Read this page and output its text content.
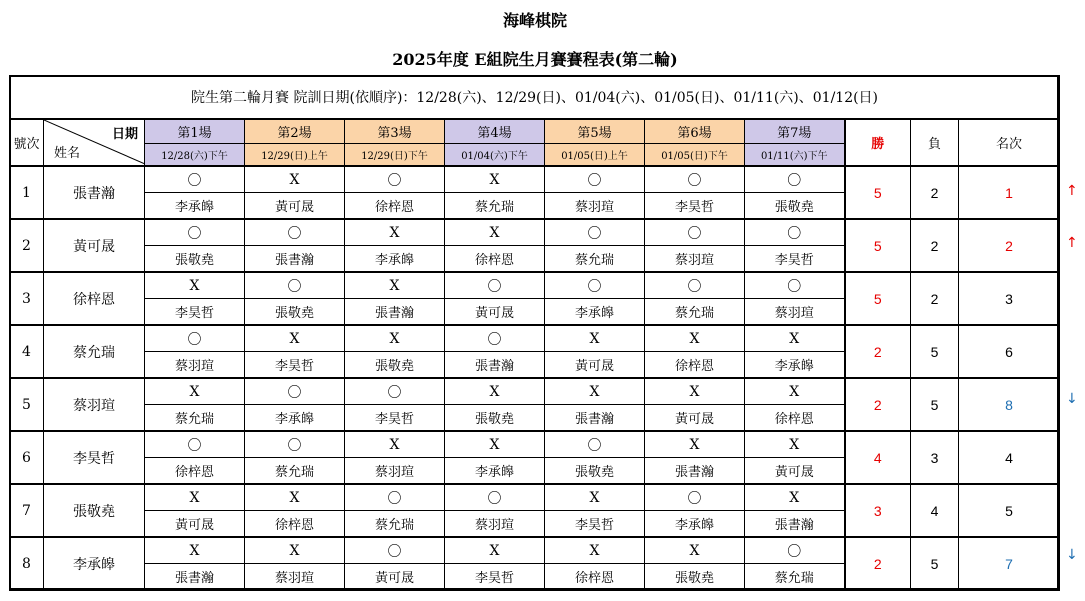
海峰棋院
2025年度 E組院生月賽賽程表(第二輪)
院生第二輪月賽 院訓日期(依順序)：12/28(六)、12/29(日)、01/04(六)、01/05(日)、01/11(六)、01/12(日)											
號次	日期
姓名	第1場	第2場	第3場	第4場	第5場	第6場	第7場	勝	負	名次
		12/28(六)下午	12/29(日)上午	12/29(日)下午	01/04(六)下午	01/05(日)上午	01/05(日)下午	01/11(六)下午			
1	張書瀚	〇	X	〇	X	〇	〇	〇	5	2	1
		李承皞	黃可晟	徐梓恩	蔡允瑞	蔡羽瑄	李昊哲	張敬堯			
2	黃可晟	〇	〇	X	X	〇	〇	〇	5	2	2
		張敬堯	張書瀚	李承皞	徐梓恩	蔡允瑞	蔡羽瑄	李昊哲			
3	徐梓恩	X	〇	X	〇	〇	〇	〇	5	2	3
		李昊哲	張敬堯	張書瀚	黃可晟	李承皞	蔡允瑞	蔡羽瑄			
4	蔡允瑞	〇	X	X	〇	X	X	X	2	5	6
		蔡羽瑄	李昊哲	張敬堯	張書瀚	黃可晟	徐梓恩	李承皞			
5	蔡羽瑄	X	〇	〇	X	X	X	X	2	5	8
		蔡允瑞	李承皞	李昊哲	張敬堯	張書瀚	黃可晟	徐梓恩			
6	李昊哲	〇	〇	X	X	〇	X	X	4	3	4
		徐梓恩	蔡允瑞	蔡羽瑄	李承皞	張敬堯	張書瀚	黃可晟			
7	張敬堯	X	X	〇	〇	X	〇	X	3	4	5
		黃可晟	徐梓恩	蔡允瑞	蔡羽瑄	李昊哲	李承皞	張書瀚			
8	李承皞	X	X	〇	X	X	X	〇	2	5	7
		張書瀚	蔡羽瑄	黃可晟	李昊哲	徐梓恩	張敬堯	蔡允瑞			
↑
↑
↓
↓
